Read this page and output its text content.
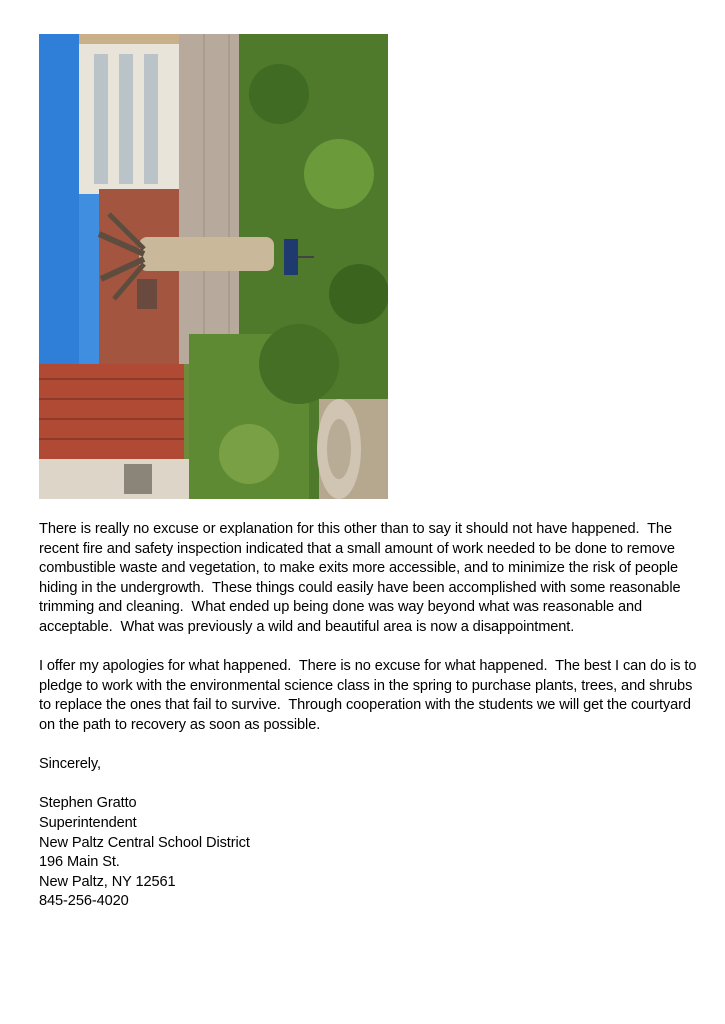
There is really no excuse or explanation for this other than to say it should not have happened.  The recent fire and safety inspection indicated that a small amount of work needed to be done to remove combustible waste and vegetation, to make exits more accessible, and to minimize the risk of people hiding in the undergrowth.  These things could easily have been accomplished with some reasonable trimming and cleaning.  What ended up being done was way beyond what was reasonable and acceptable.  What was previously a wild and beautiful area is now a disappointment.

I offer my apologies for what happened.  There is no excuse for what happened.  The best I can do is to pledge to work with the environmental science class in the spring to purchase plants, trees, and shrubs to replace the ones that fail to survive.  Through cooperation with the students we will get the courtyard on the path to recovery as soon as possible.

Sincerely,

Stephen Gratto
Superintendent
New Paltz Central School District
196 Main St.
New Paltz, NY 12561
845-256-4020
